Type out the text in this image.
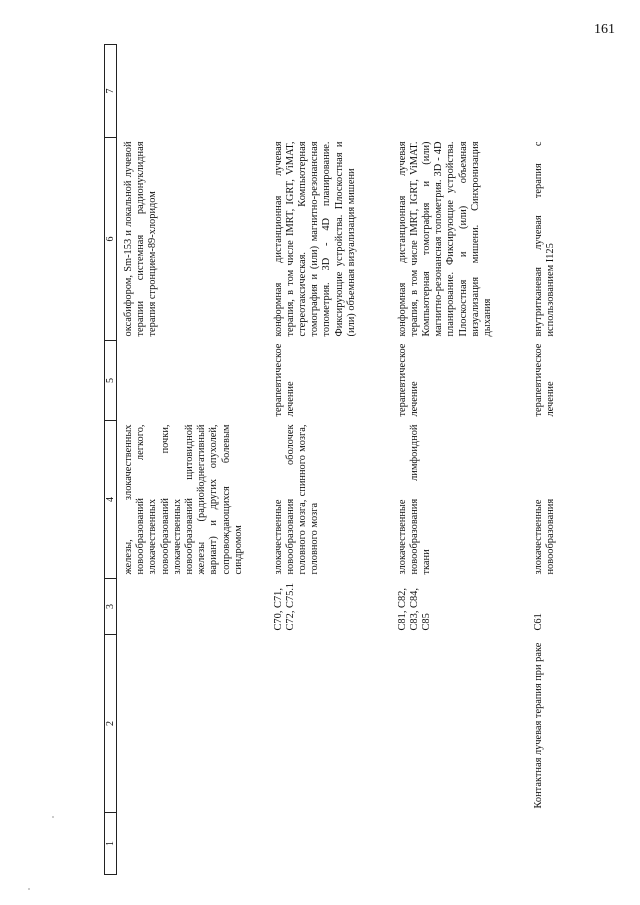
161
1	2	3	4	5	6	7
			железы, злокачественных новообразований легкого, злокачественных новообразований почки, злокачественных новообразований щитовидной железы (радиойоднегативный вариант) и других опухолей, сопровождающихся болевым синдромом		оксабифором, Sm-153 и локальной лучевой терапии системная радионуклидная терапия стронцием-89-хлоридом	
		C70, C71, C72, C75.1	злокачественные новообразования оболочек головного мозга, спинного мозга, головного мозга	терапевтическое лечение	конформная дистанционная лучевая терапия, в том числе IMRT, IGRT, ViMAT, стереотаксическая. Компьютерная томография и (или) магнитно-резонансная топометрия. 3D - 4D планирование. Фиксирующие устройства. Плоскостная и (или) объемная визуализация мишени	
		C81, C82, C83, C84, C85	злокачественные новообразования лимфоидной ткани	терапевтическое лечение	конформная дистанционная лучевая терапия, в том числе IMRT, IGRT, ViMAT. Компьютерная томография и (или) магнитно-резонансная топометрия. 3D - 4D планирование. Фиксирующие устройства. Плоскостная и (или) объемная визуализация мишени. Синхронизация дыхания	
	Контактная лучевая терапия при раке	C61	злокачественные новообразования	терапевтическое лечение	внутритканевая лучевая терапия с использованием I125	
